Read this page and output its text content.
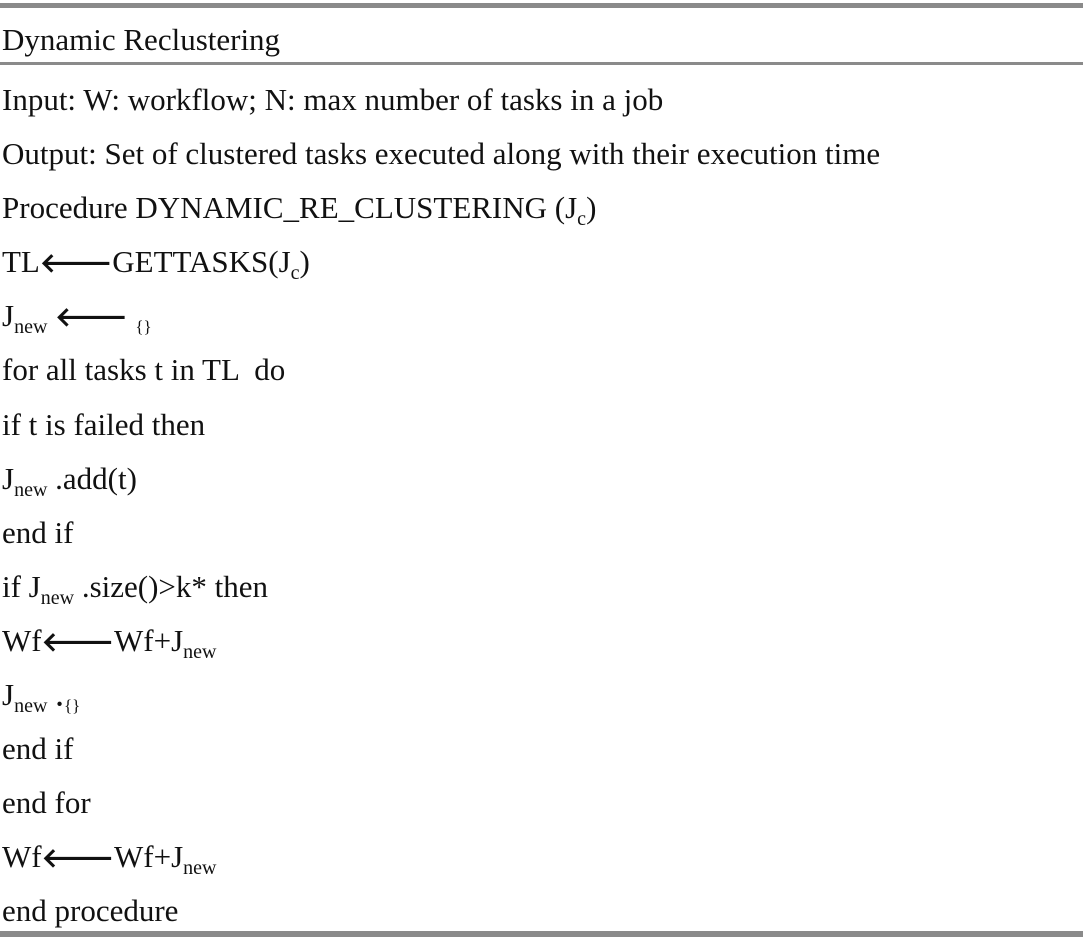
Dynamic Reclustering
Input: W: workflow; N: max number of tasks in a job
Output: Set of clustered tasks executed along with their execution time
Procedure DYNAMIC_RE_CLUSTERING $(J_c)$
$TL🡐GETTASKS(J_c)$
$J_{new}$ 🡐 {}
for all tasks t in TL  do
if t is failed then
$J_{new}$ .add(t)
end if
if $J_{new}$ .size()>k* then
$Wf🡐Wf+J_{new}$
$J_{new}$ •{}
end if
end for
$Wf🡐Wf+J_{new}$
end procedure
